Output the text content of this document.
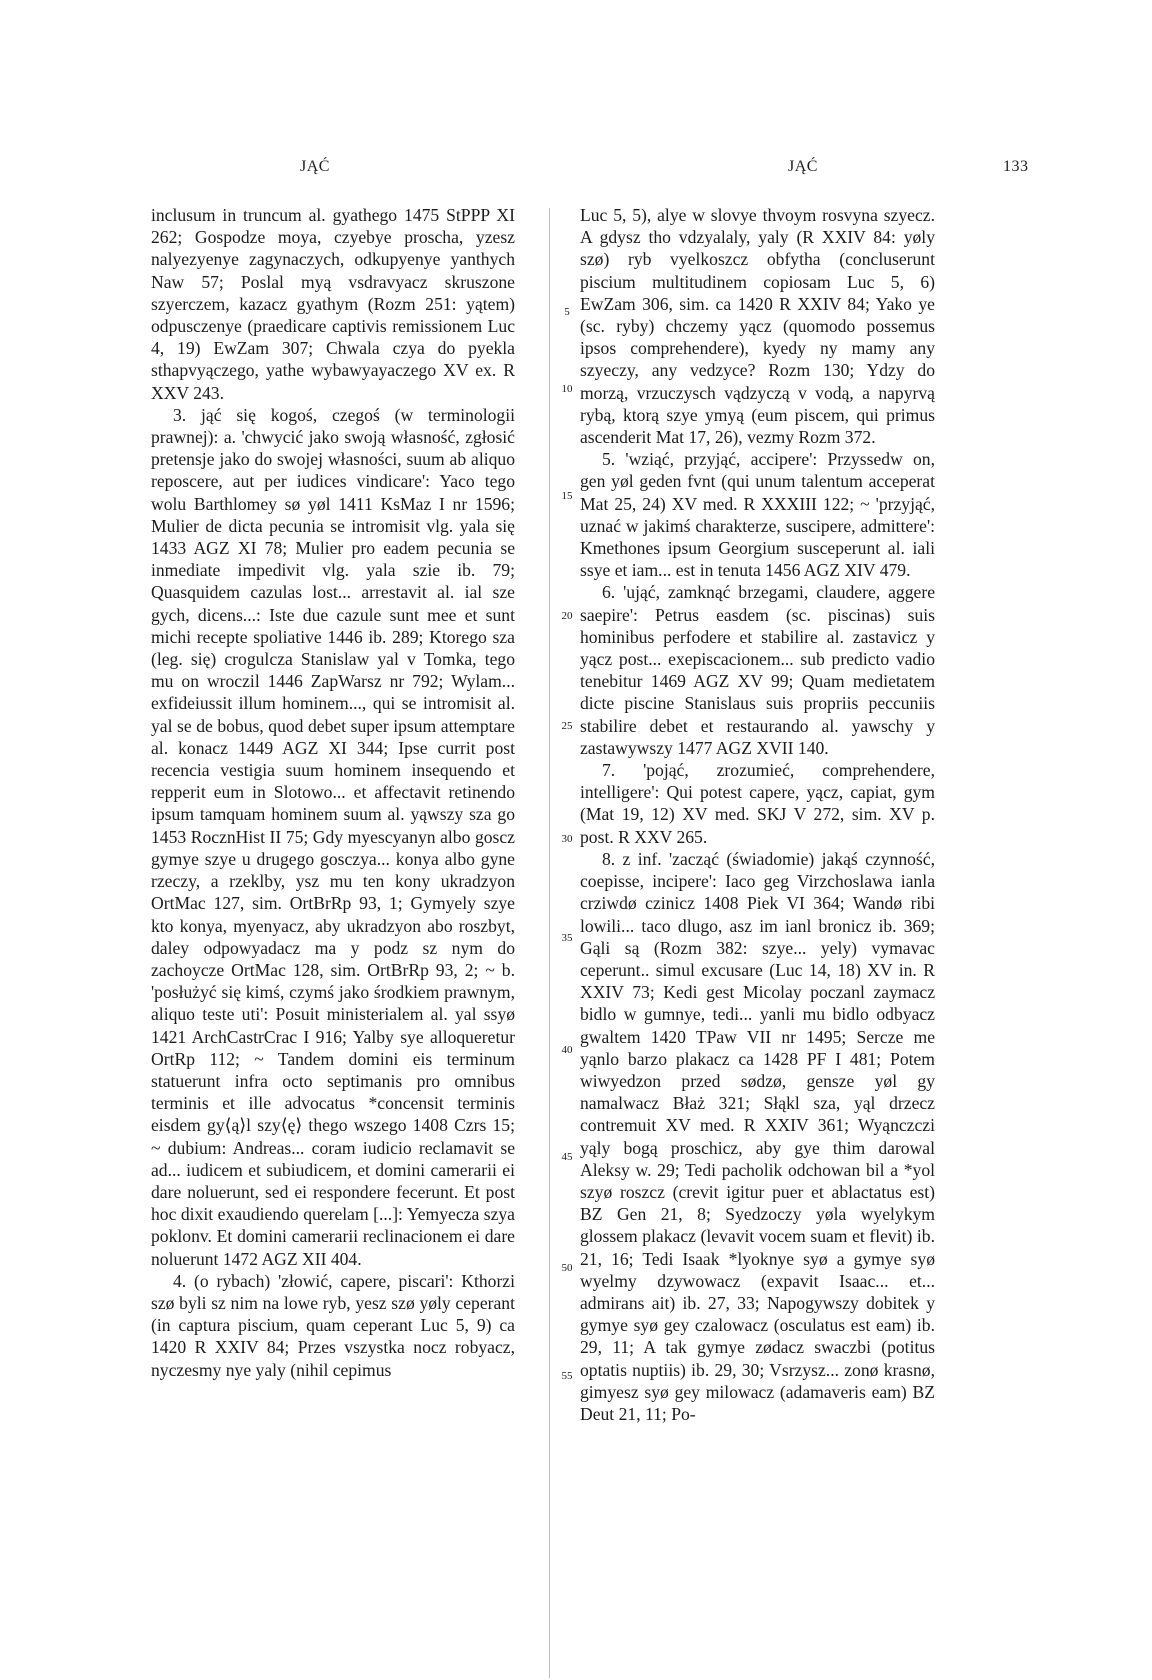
JĄĆ	JĄĆ	133

inclusum in truncum al. gyathego 1475 StPPP XI 262; Gospodze moya, czyebye proscha, yzesz nalyezyenye zagynaczych, odkupyenye yanthych Naw 57; Poslal myą vsdravyacz skruszone szyerczem, kazacz gyathym (Rozm 251: yątem) odpusczenye (praedicare captivis remissionem Luc 4, 19) EwZam 307; Chwala czya do pyekla sthapvyączego, yathe wybawyayaczego XV ex. R XXV 243.

3. jąć się kogoś, czegoś (w terminologii prawnej): a. 'chwycić jako swoją własność, zgłosić pretensje jako do swojej własności, suum ab aliquo reposcere, aut per iudices vindicare': Yaco tego wolu Barthlomey sø yøl 1411 KsMaz I nr 1596; Mulier de dicta pecunia se intromisit vlg. yala się 1433 AGZ XI 78; Mulier pro eadem pecunia se inmediate impedivit vlg. yala szie ib. 79; Quasquidem cazulas lost... arrestavit al. ial sze gych, dicens...: Iste due cazule sunt mee et sunt michi recepte spoliative 1446 ib. 289; Ktorego sza (leg. się) crogulcza Stanislaw yal v Tomka, tego mu on wroczil 1446 ZapWarsz nr 792; Wylam... exfideiussit illum hominem..., qui se intromisit al. yal se de bobus, quod debet super ipsum attemptare al. konacz 1449 AGZ XI 344; Ipse currit post recencia vestigia suum hominem insequendo et repperit eum in Slotowo... et affectavit retinendo ipsum tamquam hominem suum al. yąwszy sza go 1453 RocznHist II 75; Gdy myescyanyn albo goscz gymye szye u drugego gosczya... konya albo gyne rzeczy, a rzeklby, ysz mu ten kony ukradzyon OrtMac 127, sim. OrtBrRp 93, 1; Gymyely szye kto konya, myenyacz, aby ukradzyon abo roszbyt, daley odpowyadacz ma y podz sz nym do zachoycze OrtMac 128, sim. OrtBrRp 93, 2; ~ b. 'posłużyć się kimś, czymś jako środkiem prawnym, aliquo teste uti': Posuit ministerialem al. yal ssyø 1421 ArchCastrCrac I 916; Yalby sye alloqueretur OrtRp 112; ~ Tandem domini eis terminum statuerunt infra octo septimanis pro omnibus terminis et ille advocatus *concensit terminis eisdem gy⟨ą⟩l szy⟨ę⟩ thego wszego 1408 Czrs 15; ~ dubium: Andreas... coram iudicio reclamavit se ad... iudicem et subiudicem, et domini camerarii ei dare noluerunt, sed ei respondere fecerunt. Et post hoc dixit exaudiendo querelam [...]: Yemyecza szya poklonv. Et domini camerarii reclinacionem ei dare noluerunt 1472 AGZ XII 404.

4. (o rybach) 'złowić, capere, piscari': Kthorzi szø byli sz nim na lowe ryb, yesz szø yøly ceperant (in captura piscium, quam ceperant Luc 5, 9) ca 1420 R XXIV 84; Przes vszystka nocz robyacz, nyczesmy nye yaly (nihil cepimus

5
10
15
20
25
30
35
40
45
50
55

Luc 5, 5), alye w slovye thvoym rosvyna szyecz. A gdysz tho vdzyalaly, yaly (R XXIV 84: yøly szø) ryb vyelkoszcz obfytha (concluserunt piscium multitudinem copiosam Luc 5, 6) EwZam 306, sim. ca 1420 R XXIV 84; Yako ye (sc. ryby) chczemy yącz (quomodo possemus ipsos comprehendere), kyedy ny mamy any szyeczy, any vedzyce? Rozm 130; Ydzy do morzą, vrzuczysch vądzyczą v vodą, a napyrvą rybą, ktorą szye ymyą (eum piscem, qui primus ascenderit Mat 17, 26), vezmy Rozm 372.

5. 'wziąć, przyjąć, accipere': Przyssedw on, gen yøl geden fvnt (qui unum talentum acceperat Mat 25, 24) XV med. R XXXIII 122; ~ 'przyjąć, uznać w jakimś charakterze, suscipere, admittere': Kmethones ipsum Georgium susceperunt al. iali ssye et iam... est in tenuta 1456 AGZ XIV 479.

6. 'ująć, zamknąć brzegami, claudere, aggere saepire': Petrus easdem (sc. piscinas) suis hominibus perfodere et stabilire al. zastavicz y yącz post... exepiscacionem... sub predicto vadio tenebitur 1469 AGZ XV 99; Quam medietatem dicte piscine Stanislaus suis propriis peccuniis stabilire debet et restaurando al. yawschy y zastawywszy 1477 AGZ XVII 140.

7. 'pojąć, zrozumieć, comprehendere, intelligere': Qui potest capere, yącz, capiat, gym (Mat 19, 12) XV med. SKJ V 272, sim. XV p. post. R XXV 265.

8. z inf. 'zacząć (świadomie) jakąś czynność, coepisse, incipere': Iaco geg Virzchoslawa ianla crziwdø czinicz 1408 Piek VI 364; Wandø ribi lowili... taco dlugo, asz im ianl bronicz ib. 369; Gąli są (Rozm 382: szye... yely) vymavac ceperunt.. simul excusare (Luc 14, 18) XV in. R XXIV 73; Kedi gest Micolay poczanl zaymacz bidlo w gumnye, tedi... yanli mu bidlo odbyacz gwaltem 1420 TPaw VII nr 1495; Sercze me yąnlo barzo plakacz ca 1428 PF I 481; Potem wiwyedzon przed sødzø, gensze yøl gy namalwacz Błaż 321; Słąkl sza, yąl drzecz contremuit XV med. R XXIV 361; Wyąnczczi yąly bogą proschicz, aby gye thim darowal Aleksy w. 29; Tedi pacholik odchowan bil a *yol szyø roszcz (crevit igitur puer et ablactatus est) BZ Gen 21, 8; Syedzoczy yøla wyelykym glossem plakacz (levavit vocem suam et flevit) ib. 21, 16; Tedi Isaak *lyoknye syø a gymye syø wyelmy dzywowacz (expavit Isaac... et... admirans ait) ib. 27, 33; Napogywszy dobitek y gymye syø gey czalowacz (osculatus est eam) ib. 29, 11; A tak gymye zødacz swaczbi (potitus optatis nuptiis) ib. 29, 30; Vsrzysz... zonø krasnø, gimyesz syø gey milowacz (adamaveris eam) BZ Deut 21, 11; Po-
